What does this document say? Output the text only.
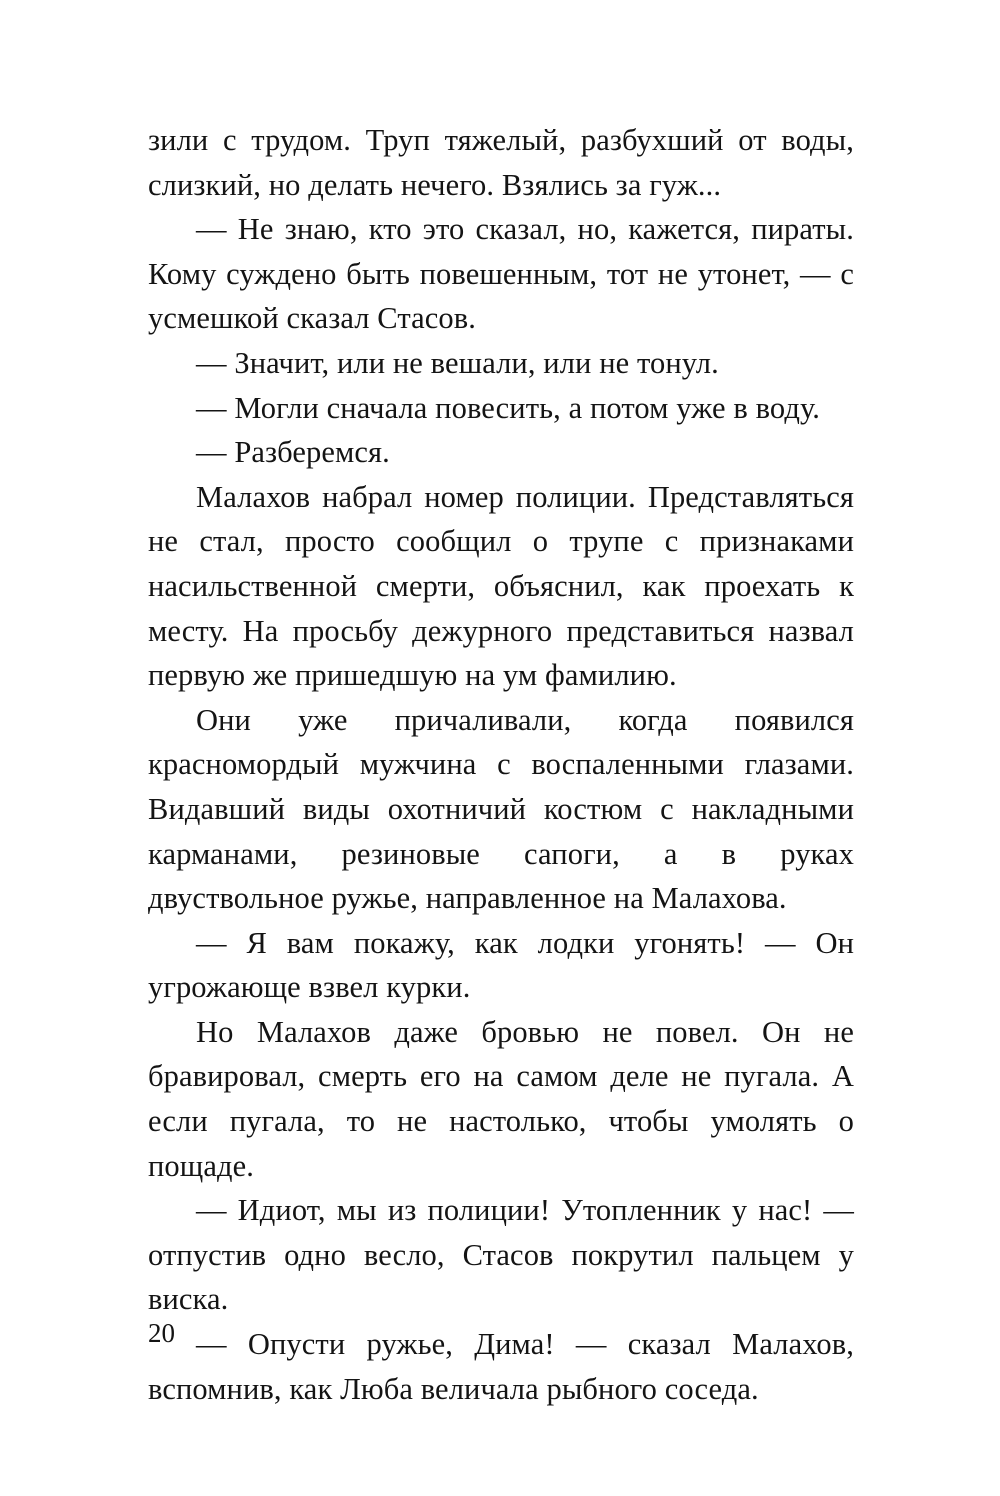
зили с трудом. Труп тяжелый, разбухший от воды, слизкий, но делать нечего. Взялись за гуж...

— Не знаю, кто это сказал, но, кажется, пираты. Кому суждено быть повешенным, тот не утонет, — с усмешкой сказал Стасов.

— Значит, или не вешали, или не тонул.

— Могли сначала повесить, а потом уже в воду.

— Разберемся.

Малахов набрал номер полиции. Представляться не стал, просто сообщил о трупе с признаками насильственной смерти, объяснил, как проехать к месту. На просьбу дежурного представиться назвал первую же пришедшую на ум фамилию.

Они уже причаливали, когда появился красномордый мужчина с воспаленными глазами. Видавший виды охотничий костюм с накладными карманами, резиновые сапоги, а в руках двуствольное ружье, направленное на Малахова.

— Я вам покажу, как лодки угонять! — Он угрожающе взвел курки.

Но Малахов даже бровью не повел. Он не бравировал, смерть его на самом деле не пугала. А если пугала, то не настолько, чтобы умолять о пощаде.

— Идиот, мы из полиции! Утопленник у нас! — отпустив одно весло, Стасов покрутил пальцем у виска.

— Опусти ружье, Дима! — сказал Малахов, вспомнив, как Люба величала рыбного соседа.

20
